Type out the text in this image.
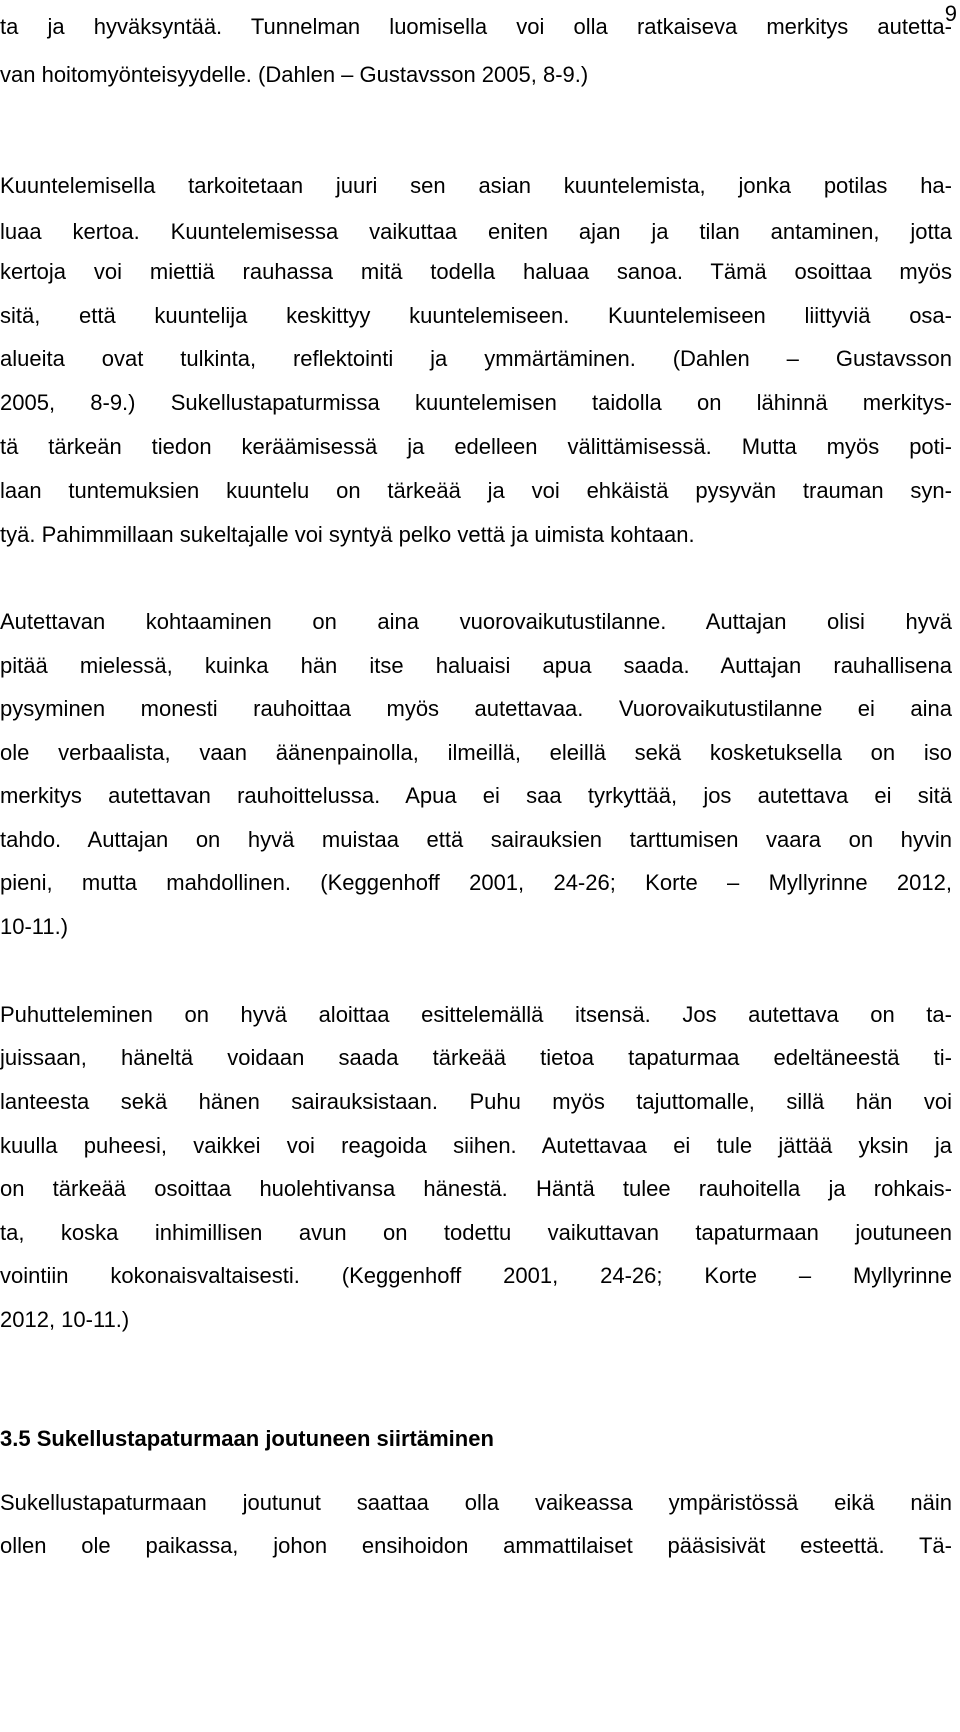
9
ta ja hyväksyntää. Tunnelman luomisella voi olla ratkaiseva merkitys autetta-
van hoitomyönteisyydelle. (Dahlen – Gustavsson 2005, 8-9.)
Kuuntelemisella tarkoitetaan juuri sen asian kuuntelemista, jonka potilas ha-
luaa kertoa. Kuuntelemisessa vaikuttaa eniten ajan ja tilan antaminen, jotta
kertoja voi miettiä rauhassa mitä todella haluaa sanoa. Tämä osoittaa myös
sitä, että kuuntelija keskittyy kuuntelemiseen. Kuuntelemiseen liittyviä osa-
alueita ovat tulkinta, reflektointi ja ymmärtäminen. (Dahlen – Gustavsson
2005, 8-9.) Sukellustapaturmissa kuuntelemisen taidolla on lähinnä merkitys-
tä tärkeän tiedon keräämisessä ja edelleen välittämisessä. Mutta myös poti-
laan tuntemuksien kuuntelu on tärkeää ja voi ehkäistä pysyvän trauman syn-
tyä. Pahimmillaan sukeltajalle voi syntyä pelko vettä ja uimista kohtaan.
Autettavan kohtaaminen on aina vuorovaikutustilanne. Auttajan olisi hyvä
pitää mielessä, kuinka hän itse haluaisi apua saada. Auttajan rauhallisena
pysyminen monesti rauhoittaa myös autettavaa. Vuorovaikutustilanne ei aina
ole verbaalista, vaan äänenpainolla, ilmeillä, eleillä sekä kosketuksella on iso
merkitys autettavan rauhoittelussa. Apua ei saa tyrkyttää, jos autettava ei sitä
tahdo. Auttajan on hyvä muistaa että sairauksien tarttumisen vaara on hyvin
pieni, mutta mahdollinen. (Keggenhoff 2001, 24-26; Korte – Myllyrinne 2012,
10-11.)
Puhutteleminen on hyvä aloittaa esittelemällä itsensä. Jos autettava on ta-
juissaan, häneltä voidaan saada tärkeää tietoa tapaturmaa edeltäneestä ti-
lanteesta sekä hänen sairauksistaan. Puhu myös tajuttomalle, sillä hän voi
kuulla puheesi, vaikkei voi reagoida siihen. Autettavaa ei tule jättää yksin ja
on tärkeää osoittaa huolehtivansa hänestä. Häntä tulee rauhoitella ja rohkais-
ta, koska inhimillisen avun on todettu vaikuttavan tapaturmaan joutuneen
vointiin kokonaisvaltaisesti. (Keggenhoff 2001, 24-26; Korte – Myllyrinne
2012, 10-11.)
3.5 Sukellustapaturmaan joutuneen siirtäminen
Sukellustapaturmaan joutunut saattaa olla vaikeassa ympäristössä eikä näin
ollen ole paikassa, johon ensihoidon ammattilaiset pääsisivät esteettä. Tä-
